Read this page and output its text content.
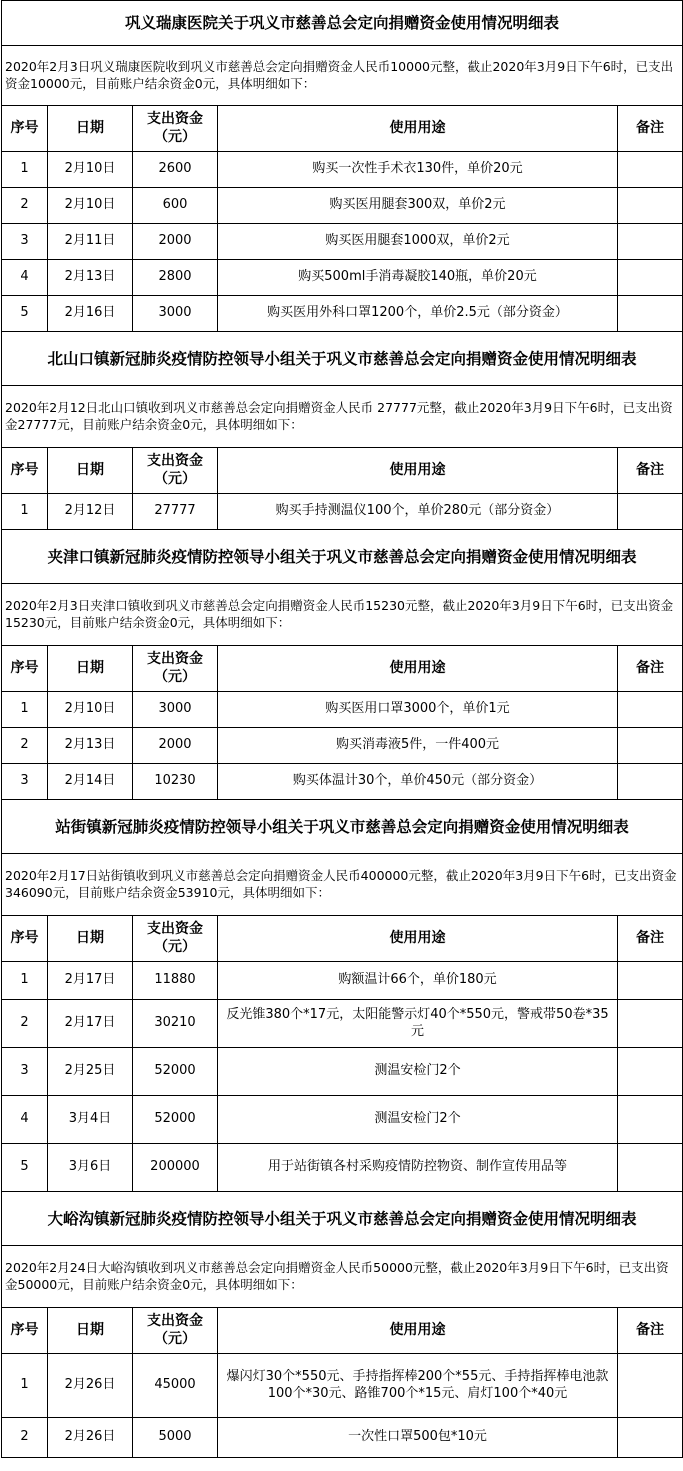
巩义瑞康医院关于巩义市慈善总会定向捐赠资金使用情况明细表				
2020年2月3日巩义瑞康医院收到巩义市慈善总会定向捐赠资金人民币10000元整，截止2020年3月9日下午6时，已支出资金10000元，目前账户结余资金0元，具体明细如下：				
序号	日期	支出资金（元）	使用用途	备注
1	2月10日	2600	购买一次性手术衣130件，单价20元	
2	2月10日	600	购买医用腿套300双，单价2元	
3	2月11日	2000	购买医用腿套1000双，单价2元	
4	2月13日	2800	购买500ml手消毒凝胶140瓶，单价20元	
5	2月16日	3000	购买医用外科口罩1200个，单价2.5元（部分资金）	
北山口镇新冠肺炎疫情防控领导小组关于巩义市慈善总会定向捐赠资金使用情况明细表				
2020年2月12日北山口镇收到巩义市慈善总会定向捐赠资金人民币 27777元整，截止2020年3月9日下午6时，已支出资金27777元，目前账户结余资金0元，具体明细如下：				
序号	日期	支出资金（元）	使用用途	备注
1	2月12日	27777	购买手持测温仪100个，单价280元（部分资金）	
夹津口镇新冠肺炎疫情防控领导小组关于巩义市慈善总会定向捐赠资金使用情况明细表				
2020年2月3日夹津口镇收到巩义市慈善总会定向捐赠资金人民币15230元整，截止2020年3月9日下午6时，已支出资金15230元，目前账户结余资金0元，具体明细如下：				
序号	日期	支出资金（元）	使用用途	备注
1	2月10日	3000	购买医用口罩3000个，单价1元	
2	2月13日	2000	购买消毒液5件，一件400元	
3	2月14日	10230	购买体温计30个，单价450元（部分资金）	
站街镇新冠肺炎疫情防控领导小组关于巩义市慈善总会定向捐赠资金使用情况明细表				
2020年2月17日站街镇收到巩义市慈善总会定向捐赠资金人民币400000元整，截止2020年3月9日下午6时，已支出资金346090元，目前账户结余资金53910元，具体明细如下：				
序号	日期	支出资金（元）	使用用途	备注
1	2月17日	11880	购额温计66个，单价180元	
2	2月17日	30210	反光锥380个*17元，太阳能警示灯40个*550元，警戒带50卷*35元	
3	2月25日	52000	测温安检门2个	
4	3月4日	52000	测温安检门2个	
5	3月6日	200000	用于站街镇各村采购疫情防控物资、制作宣传用品等	
大峪沟镇新冠肺炎疫情防控领导小组关于巩义市慈善总会定向捐赠资金使用情况明细表				
2020年2月24日大峪沟镇收到巩义市慈善总会定向捐赠资金人民币50000元整，截止2020年3月9日下午6时，已支出资金50000元，目前账户结余资金0元，具体明细如下：				
序号	日期	支出资金（元）	使用用途	备注
1	2月26日	45000	爆闪灯30个*550元、手持指挥棒200个*55元、手持指挥棒电池款100个*30元、路锥700个*15元、肩灯100个*40元	
2	2月26日	5000	一次性口罩500包*10元	
